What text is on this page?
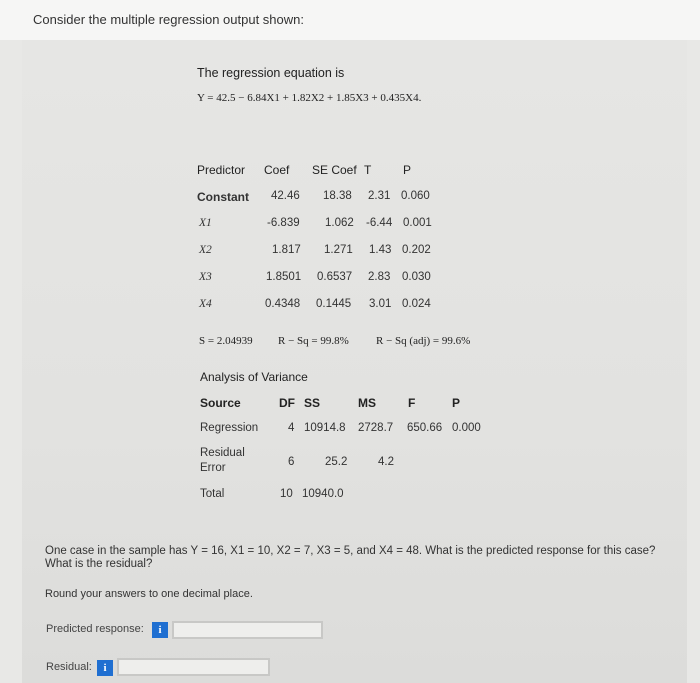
Consider the multiple regression output shown:
The regression equation is
Y = 42.5 − 6.84X1 + 1.82X2 + 1.85X3 + 0.435X4.
Predictor Coef SE Coef T	P
Constant 42.46 18.38 2.31 0.060
X1	-6.839 1.062 -6.44 0.001
X2	1.817 1.271 1.43 0.202
X3	1.8501 0.6537 2.83 0.030
X4	0.4348 0.1445 3.01 0.024
S = 2.04939 R − Sq = 99.8% R − Sq (adj) = 99.6%
Analysis of Variance
Source	DF SS	MS	F	P
Regression	4 10914.8 2728.7 650.66 0.000
Residual
Error	6	25.2	4.2
Total	10 10940.0
One case in the sample has Y = 16, X1 = 10, X2 = 7, X3 = 5, and X4 = 48. What is the predicted response for this case? What is the residual?
Round your answers to one decimal place.
Predicted response:	i
Residual:	i
